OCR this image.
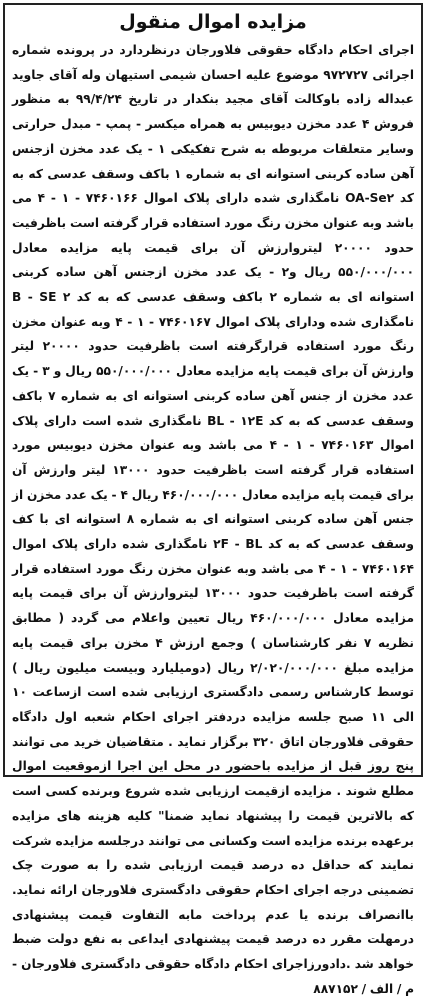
مزایده اموال منقول

اجرای احکام دادگاه حقوقی فلاورجان درنظردارد در پرونده شماره اجرائی ۹۷۲۷۲۷ موضوع علیه احسان شیمی استیهان وله آقای جاوید عبداله زاده باوکالت آقای مجید بنکدار در تاریخ ۹۹/۴/۲۴ به منظور فروش ۴ عدد مخزن دیوبیس به همراه میکسر - پمپ - مبدل حرارتی وسایر متعلقات مربوطه به شرح تفکیکی ۱ - یک عدد مخزن ازجنس آهن ساده کربنی استوانه ای به شماره ۱ باکف وسقف عدسی که به کد OA-Se۲ نامگذاری شده دارای پلاک اموال ۷۴۶۰۱۶۶ - ۱ - ۴ می باشد وبه عنوان مخزن رنگ مورد استفاده قرار گرفته است باظرفیت حدود ۲۰۰۰۰ لیتروارزش آن برای قیمت پایه مزایده معادل ۵۵۰/۰۰۰/۰۰۰ ریال و۲ - یک عدد مخزن ازجنس آهن ساده کربنی استوانه ای به شماره ۲ باکف وسقف عدسی که به کد B - SE ۲ نامگذاری شده ودارای پلاک اموال ۷۴۶۰۱۶۷ - ۱ - ۴ وبه عنوان مخزن رنگ مورد استفاده قرارگرفته است باظرفیت حدود ۲۰۰۰۰ لیتر وارزش آن برای قیمت پایه مزایده معادل ۵۵۰/۰۰۰/۰۰۰ ریال و ۳ - یک عدد مخزن از جنس آهن ساده کربنی استوانه ای به شماره ۷ باکف وسقف عدسی که به کد BL - ۱۲E نامگذاری شده است دارای پلاک اموال ۷۴۶۰۱۶۳ - ۱ - ۴ می باشد وبه عنوان مخزن دیوبیس مورد استفاده قرار گرفته است باظرفیت حدود ۱۳۰۰۰ لیتر وارزش آن برای قیمت پایه مزایده معادل ۴۶۰/۰۰۰/۰۰۰ ریال ۴ - یک عدد مخزن از جنس آهن ساده کربنی استوانه ای به شماره ۸ استوانه ای با کف وسقف عدسی که به کد ۲F - BL نامگذاری شده دارای پلاک اموال ۷۴۶۰۱۶۴ - ۱ - ۴ می باشد وبه عنوان مخزن رنگ مورد استفاده قرار گرفته است باظرفیت حدود ۱۳۰۰۰ لیتروارزش آن برای قیمت پایه مزایده معادل ۴۶۰/۰۰۰/۰۰۰ ریال تعیین واعلام می گردد ( مطابق نظریه ۷ نفر کارشناسان ) وجمع ارزش ۴ مخزن برای قیمت پایه مزایده مبلغ ۲/۰۲۰/۰۰۰/۰۰۰ ریال (دومیلیارد وبیست میلیون ریال ) توسط کارشناس رسمی دادگستری ارزیابی شده است ازساعت ۱۰ الی ۱۱ صبح جلسه مزایده دردفتر اجرای احکام شعبه اول دادگاه حقوقی فلاورجان اتاق ۳۲۰ برگزار نماید . متقاضیان خرید می توانند پنج روز قبل از مزایده باحضور در محل این اجرا ازموقعیت اموال مطلع شوند . مزایده ازقیمت ارزیابی شده شروع وبرنده کسی است که بالاترین قیمت را پیشنهاد نماید ضمنا" کلیه هزینه های مزایده برعهده برنده مزایده است وکسانی می توانند درجلسه مزایده شرکت نمایند که حداقل ده درصد قیمت ارزیابی شده را به صورت چک تضمینی درجه اجرای احکام حقوقی دادگستری فلاورجان ارائه نماید. باانصراف برنده یا عدم پرداخت مابه التفاوت قیمت پیشنهادی درمهلت مقرر ده درصد قیمت پیشنهادی ایداعی به نفع دولت ضبط خواهد شد .دادورزاجرای احکام دادگاه حقوقی دادگستری فلاورجان - م / الف / ۸۸۷۱۵۲
